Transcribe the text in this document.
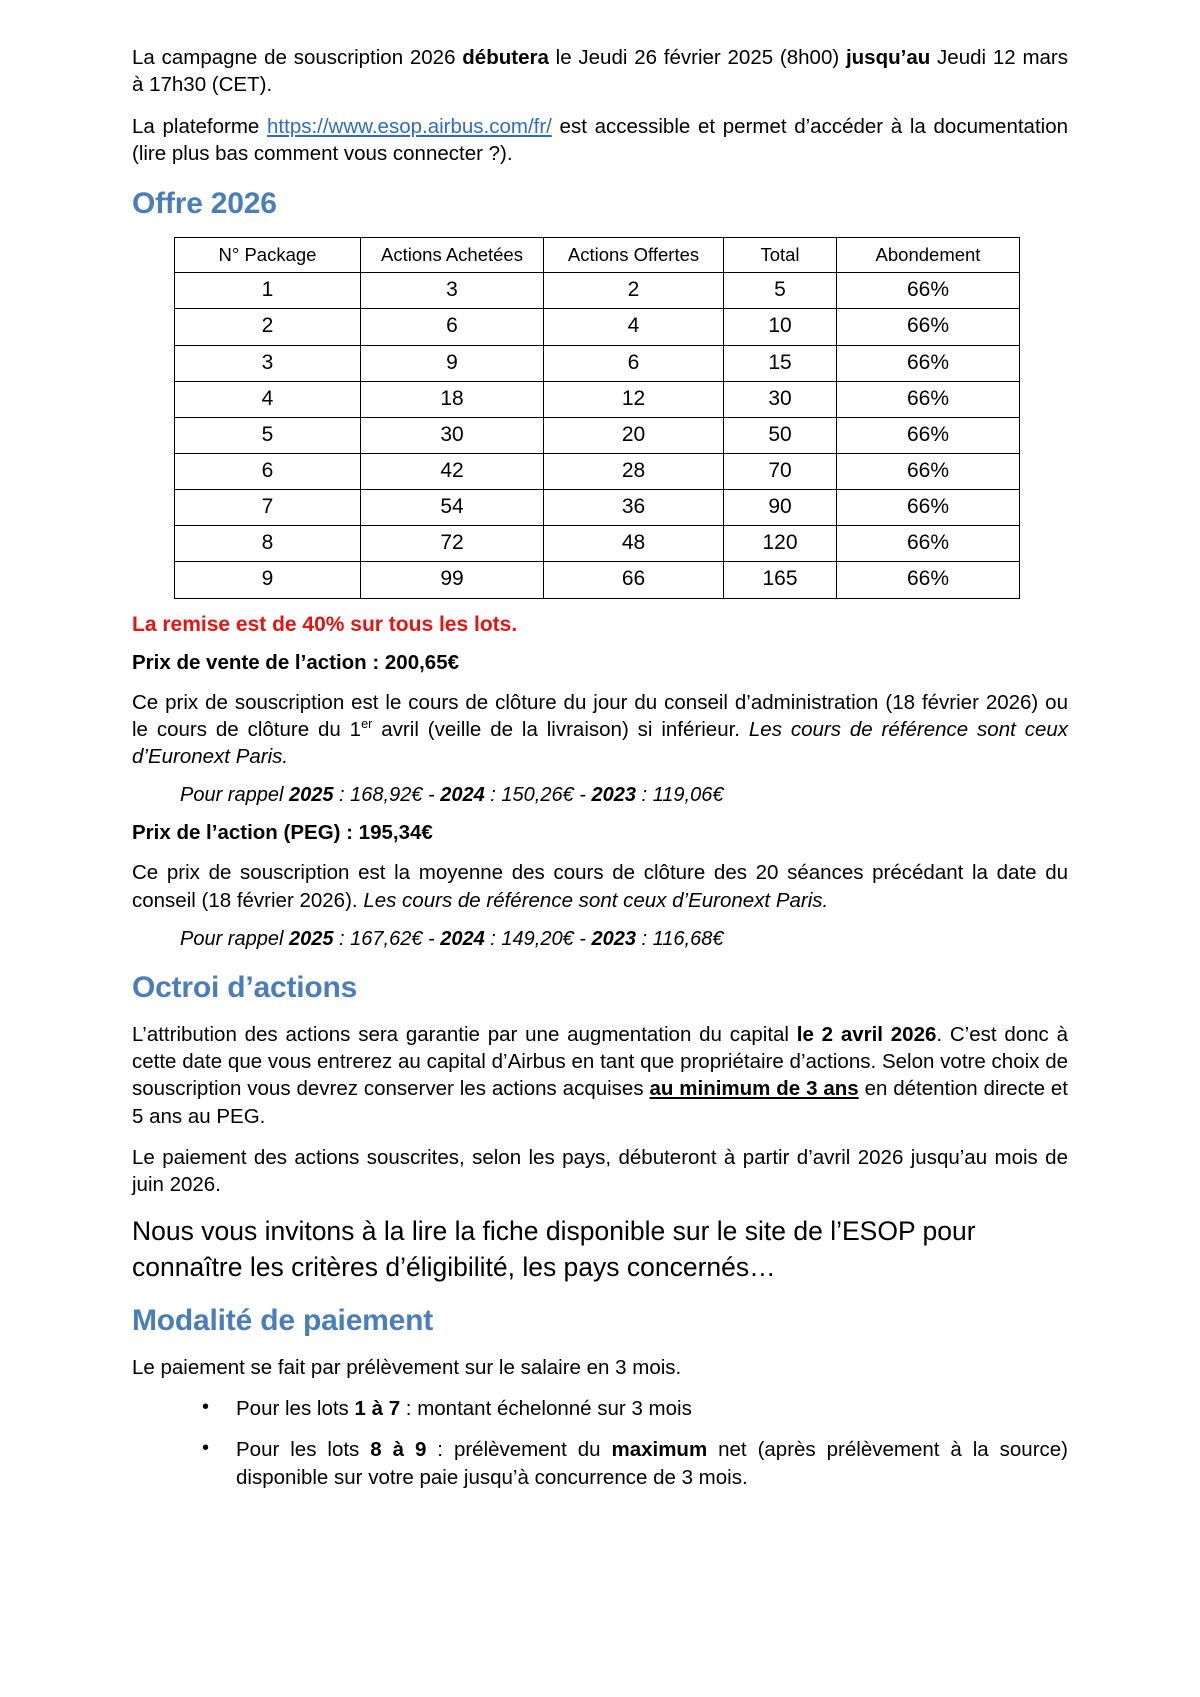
La campagne de souscription 2026 débutera le Jeudi 26 février 2025 (8h00) jusqu’au Jeudi 12 mars à 17h30 (CET).

La plateforme https://www.esop.airbus.com/fr/ est accessible et permet d’accéder à la documentation (lire plus bas comment vous connecter ?).

Offre 2026
N° Package	Actions Achetées	Actions Offertes	Total	Abondement
1	3	2	5	66%
2	6	4	10	66%
3	9	6	15	66%
4	18	12	30	66%
5	30	20	50	66%
6	42	28	70	66%
7	54	36	90	66%
8	72	48	120	66%
9	99	66	165	66%

La remise est de 40% sur tous les lots.

Prix de vente de l’action : 200,65€

Ce prix de souscription est le cours de clôture du jour du conseil d’administration (18 février 2026) ou le cours de clôture du 1er avril (veille de la livraison) si inférieur. Les cours de référence sont ceux d’Euronext Paris.

Pour rappel 2025 : 168,92€ - 2024 : 150,26€ - 2023 : 119,06€

Prix de l’action (PEG) : 195,34€

Ce prix de souscription est la moyenne des cours de clôture des 20 séances précédant la date du conseil (18 février 2026). Les cours de référence sont ceux d’Euronext Paris.

Pour rappel 2025 : 167,62€ - 2024 : 149,20€ - 2023 : 116,68€

Octroi d’actions

L’attribution des actions sera garantie par une augmentation du capital le 2 avril 2026. C’est donc à cette date que vous entrerez au capital d’Airbus en tant que propriétaire d’actions. Selon votre choix de souscription vous devrez conserver les actions acquises au minimum de 3 ans en détention directe et 5 ans au PEG.

Le paiement des actions souscrites, selon les pays, débuteront à partir d’avril 2026 jusqu’au mois de juin 2026.

Nous vous invitons à la lire la fiche disponible sur le site de l’ESOP pour connaître les critères d’éligibilité, les pays concernés…

Modalité de paiement

Le paiement se fait par prélèvement sur le salaire en 3 mois.

• Pour les lots 1 à 7 : montant échelonné sur 3 mois
• Pour les lots 8 à 9 : prélèvement du maximum net (après prélèvement à la source) disponible sur votre paie jusqu’à concurrence de 3 mois.
